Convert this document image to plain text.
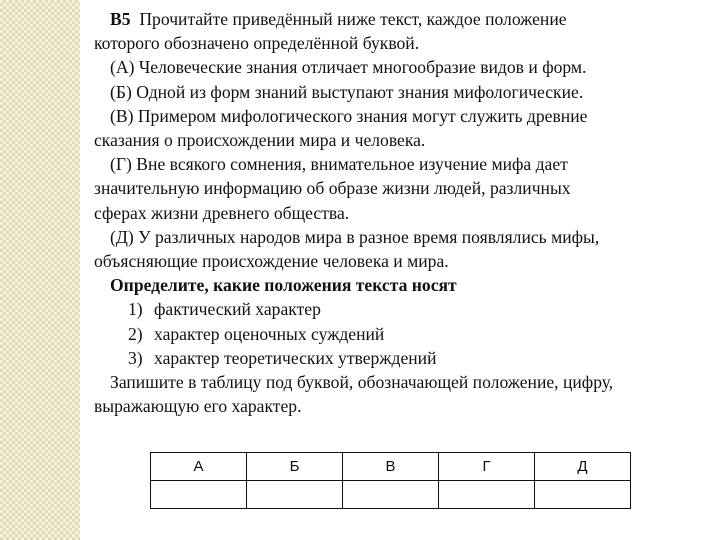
B5 Прочитайте приведённый ниже текст, каждое положение

которого обозначено определённой буквой.

(А) Человеческие знания отличает многообразие видов и форм.

(Б) Одной из форм знаний выступают знания мифологические.

(В) Примером мифологического знания могут служить древние

сказания о происхождении мира и человека.

(Г) Вне всякого сомнения, внимательное изучение мифа дает

значительную информацию об образе жизни людей, различных

сферах жизни древнего общества.

(Д) У различных народов мира в разное время появлялись мифы,

объясняющие происхождение человека и мира.

Определите, какие положения текста носят

1) фактический характер

2) характер оценочных суждений

3) характер теоретических утверждений

Запишите в таблицу под буквой, обозначающей положение, цифру,

выражающую его характер.

А	Б	В	Г	Д
